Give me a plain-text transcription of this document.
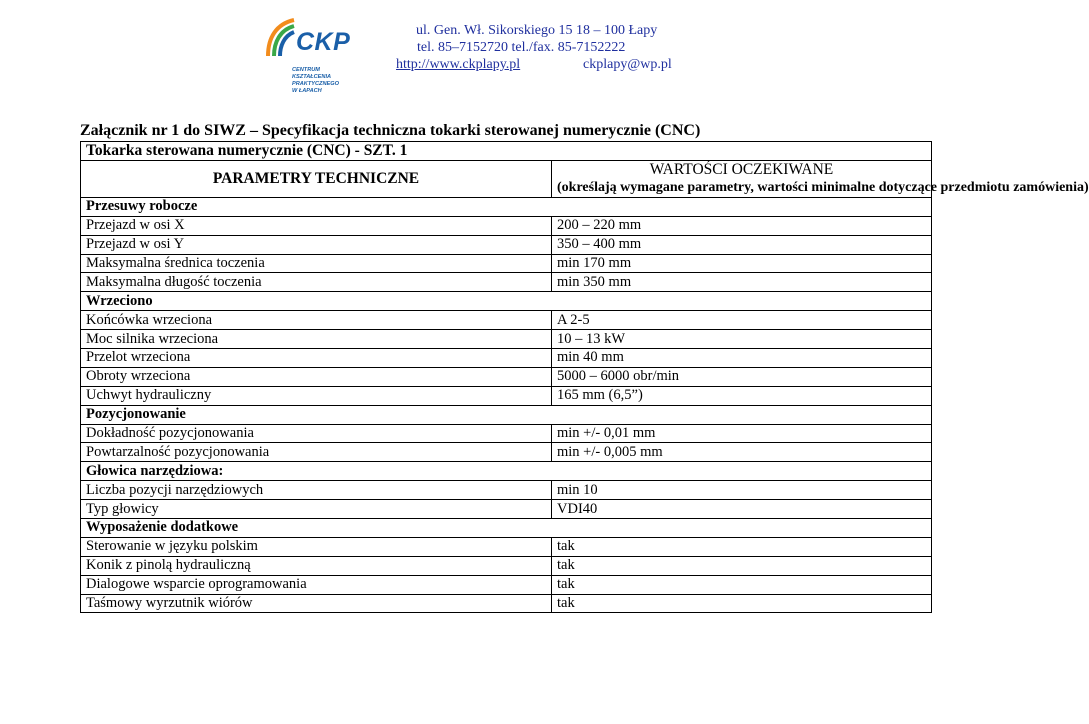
CKP
CENTRUM
KSZTAŁCENIA
PRAKTYCZNEGO
W ŁAPACH
ul. Gen. Wł. Sikorskiego 15 18 – 100 Łapy
tel. 85–7152720 tel./fax. 85-7152222
http://www.ckplapy.pl	ckplapy@wp.pl
Załącznik nr 1 do SIWZ – Specyfikacja techniczna tokarki sterowanej numerycznie (CNC)
Tokarka sterowana numerycznie (CNC) - SZT. 1	
PARAMETRY TECHNICZNE	WARTOŚCI OCZEKIWANE
(określają wymagane parametry, wartości minimalne dotyczące przedmiotu zamówienia)

Przesuwy robocze	
Przejazd w osi X	200 – 220 mm
Przejazd w osi Y	350 – 400 mm
Maksymalna średnica toczenia	min 170 mm
Maksymalna długość toczenia	min 350 mm
Wrzeciono	
Końcówka wrzeciona	A 2-5
Moc silnika wrzeciona	10 – 13 kW
Przelot wrzeciona	min 40 mm
Obroty wrzeciona	5000 – 6000 obr/min
Uchwyt hydrauliczny	165 mm (6,5”)
Pozycjonowanie	
Dokładność pozycjonowania	min +/- 0,01 mm
Powtarzalność pozycjonowania	min +/- 0,005 mm
Głowica narzędziowa:	
Liczba pozycji narzędziowych	min 10
Typ głowicy	VDI40
Wyposażenie dodatkowe	
Sterowanie w języku polskim	tak
Konik z pinolą hydrauliczną	tak
Dialogowe wsparcie oprogramowania	tak
Taśmowy wyrzutnik wiórów	tak
